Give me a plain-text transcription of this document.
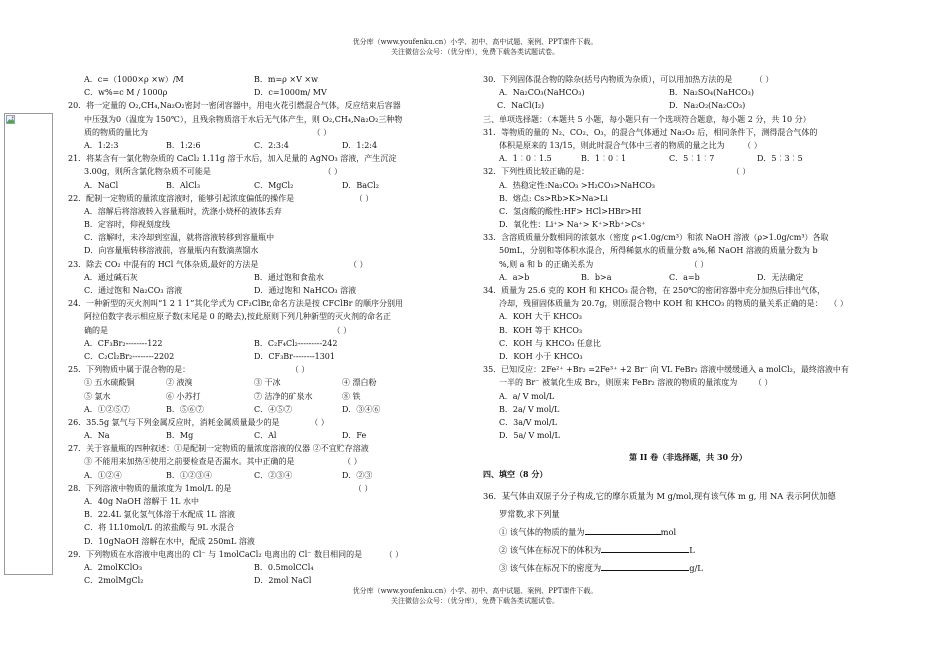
优分库（www.youfenku.cn）小学、初中、高中试题、案例、PPT课件下载。
关注微信公众号：（优分库），免费下载各类试题试卷。
A．c=（1000×ρ ×w）/M	B．m=ρ ×V ×w
C．w%=c M / 1000ρ	D．c=1000m/ MV
20．将一定量的 O₂,CH₄,Na₂O₂密封一密闭容器中，用电火花引燃混合气体，反应结束后容器
中压强为0（温度为 150℃），且残余物质溶于水后无气体产生，则 O₂,CH₄,Na₂O₂三种物
质的物质的量比为	（ ）
A．1:2:3	B．1:2:6	C．2:3:4	D．1:2:4
21．将某含有一氯化物杂质的 CaCl₂ 1.11g 溶于水后，加入足量的 AgNO₃ 溶液，产生沉淀
3.00g，则所含氯化物杂质不可能是	（ ）
A．NaCl	B．AlCl₃	C．MgCl₂	D．BaCl₂
22．配制一定物质的量浓度溶液时，能够引起浓度偏低的操作是	（ ）
A．溶解后将溶液转入容量瓶时，洗涤小烧杯的液体丢弃
B．定容时，仰视刻度线
C．溶解时，未冷却到室温，就将溶液转移到容量瓶中
D．向容量瓶转移溶液前，容量瓶内有数滴蒸馏水
23．除去 CO₂ 中混有的 HCl 气体杂质,最好的方法是	（ ）
A．通过碱石灰	B．通过饱和食盐水
C．通过饱和 Na₂CO₃ 溶液	D．通过饱和 NaHCO₃ 溶液
24．一种新型的灭火剂叫“1 2 1 1”其化学式为 CF₂ClBr,命名方法是按 CFClBr 的顺序分别用
阿拉伯数字表示相应原子数(末尾是 0 的略去),按此原则下列几种新型的灭火剂的命名正
确的是	（ ）
A．CF₃Br₂--------122	B．C₂F₄Cl₂---------242
C．C₂Cl₂Br₂--------2202	D．CF₃Br--------1301
25．下列物质中属于混合物的是：	（ ）
① 五水硫酸铜	② 液溴	③ 干冰	④ 漂白粉
⑤ 氯水	⑥ 小苏打	⑦ 洁净的矿泉水	⑧ 铁
A．①②⑤⑦	B．⑤⑥⑦	C．④⑤⑦	D．③④⑥
26．35.5g 氯气与下列金属反应时，消耗金属质量最少的是	（ ）
A．Na	B．Mg	C．Al	D．Fe
27．关于容量瓶的四种叙述：①是配制一定物质的量浓度溶液的仪器 ②不宜贮存溶液
③ 不能用来加热④使用之前要检查是否漏水。其中正确的是	（ ）
A．①②④	B．①②③④	C．②③④	D．②③
28．下列溶液中物质的量浓度为 1mol/L 的是	（ ）
A．40g NaOH 溶解于 1L 水中
B．22.4L 氯化氢气体溶于水配成 1L 溶液
C．将 1L10mol/L 的浓盐酸与 9L 水混合
D．10gNaOH 溶解在水中，配成 250mL 溶液
29．下列物质在水溶液中电离出的 Cl⁻ 与 1molCaCl₂ 电离出的 Cl⁻ 数目相同的是	（ ）
A．2molKClO₃	B．0.5molCCl₄
C．2molMgCl₂	D．2mol NaCl
30．下列固体混合物的除杂(括号内物质为杂质），可以用加热方法的是	（ ）
A．Na₂CO₃(NaHCO₃)	B．Na₂SO₄(NaHCO₃)
C．NaCl(I₂)	D．Na₂O₂(Na₂CO₃)
三、单项选择题：（本题共 5 小题，每小题只有一个选项符合题意，每小题 2 分，共 10 分）
31．等物质的量的 N₂、CO₂、O₃，的混合气体通过 Na₂O₂ 后，相同条件下，测得混合气体的
体积是原来的 13/15，则此时混合气体中三者的物质的量之比为 （ ）
A．1︰0︰1.5	B．1︰0︰1	C．5︰1︰7	D．5︰3︰5
32．下列性质比较正确的是：	（ ）
A．热稳定性:Na₂CO₃ >H₂CO₃>NaHCO₃
B．熔点: Cs>Rb>K>Na>Li
C．氢卤酸的酸性:HF> HCl>HBr>HI
D．氧化性：Li⁺> Na⁺> K⁺>Rb⁺>Cs⁺
33．含溶质质量分数相同的浓氨水（密度 ρ<1.0g/cm³）和浓 NaOH 溶液（ρ>1.0g/cm³）各取
50mL，分别和等体积水混合，所得稀氨水的质量分数 a%,稀 NaOH 溶液的质量分数为 b
%,则 a 和 b 的正确关系为	（ ）
A．a>b	B．b>a	C．a=b	D．无法确定
34．质量为 25.6 克的 KOH 和 KHCO₃ 混合物，在 250℃的密闭容器中充分加热后排出气体，
冷却，残留固体质量为 20.7g，则原混合物中 KOH 和 KHCO₃ 的物质的量关系正确的是： （ ）
A．KOH 大于 KHCO₃
B．KOH 等于 KHCO₃
C．KOH 与 KHCO₃ 任意比
D．KOH 小于 KHCO₃
35．已知反应：2Fe²⁺ +Br₂ =2Fe³⁺ +2 Br⁻ 向 VL FeBr₂ 溶液中缓缓通入 a molCl₂，最终溶液中有
一半的 Br⁻ 被氧化生成 Br₂，则原来 FeBr₂ 溶液的物质的量浓度为 （ ）
A．a/ V mol/L
B．2a/ V mol/L
C．3a/V mol/L
D．5a/ V mol/L
第 II 卷（非选择题，共 30 分）
四、填空（8 分）
36．某气体由双原子分子构成,它的摩尔质量为 M g/mol,现有该气体 m g, 用 NA 表示阿伏加德
罗常数,求下列量
① 该气体的物质的量为	mol
② 该气体在标况下的体积为	L
③ 该气体在标况下的密度为	g/L
优分库（www.youfenku.cn）小学、初中、高中试题、案例、PPT课件下载。
关注微信公众号：（优分库），免费下载各类试题试卷。
